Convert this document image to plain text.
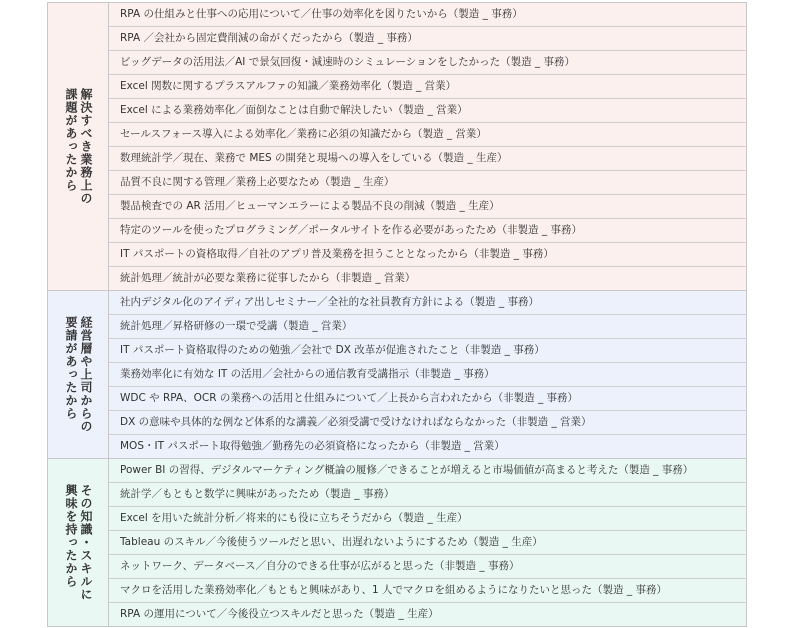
解決すべき業務上の
課題があったから
RPA の仕組みと仕事への応用について／仕事の効率化を図りたいから（製造 _ 事務）
RPA ／会社から固定費削減の命がくだったから（製造 _ 事務）
ビッグデータの活用法／AI で景気回復・減速時のシミュレーションをしたかった（製造 _ 事務）
Excel 関数に関するプラスアルファの知識／業務効率化（製造 _ 営業）
Excel による業務効率化／面倒なことは自動で解決したい（製造 _ 営業）
セールスフォース導入による効率化／業務に必須の知識だから（製造 _ 営業）
数理統計学／現在、業務で MES の開発と現場への導入をしている（製造 _ 生産）
品質不良に関する管理／業務上必要なため（製造 _ 生産）
製品検査での AR 活用／ヒューマンエラーによる製品不良の削減（製造 _ 生産）
特定のツールを使ったプログラミング／ポータルサイトを作る必要があったため（非製造 _ 事務）
IT パスポートの資格取得／自社のアプリ普及業務を担うこととなったから（非製造 _ 事務）
統計処理／統計が必要な業務に従事したから（非製造 _ 営業）
経営層や上司からの
要請があったから
社内デジタル化のアイディア出しセミナー／全社的な社員教育方針による（製造 _ 事務）
統計処理／昇格研修の一環で受講（製造 _ 営業）
IT パスポート資格取得のための勉強／会社で DX 改革が促進されたこと（非製造 _ 事務）
業務効率化に有効な IT の活用／会社からの通信教育受講指示（非製造 _ 事務）
WDC や RPA、OCR の業務への活用と仕組みについて／上長から言われたから（非製造 _ 事務）
DX の意味や具体的な例など体系的な講義／必須受講で受けなければならなかった（非製造 _ 営業）
MOS・IT パスポート取得勉強／勤務先の必須資格になったから（非製造 _ 営業）
その知識・スキルに
興味を持ったから
Power BI の習得、デジタルマーケティング概論の履修／できることが増えると市場価値が高まると考えた（製造 _ 事務）
統計学／もともと数学に興味があったため（製造 _ 事務）
Excel を用いた統計分析／将来的にも役に立ちそうだから（製造 _ 生産）
Tableau のスキル／今後使うツールだと思い、出遅れないようにするため（製造 _ 生産）
ネットワーク、データベース／自分のできる仕事が広がると思った（非製造 _ 事務）
マクロを活用した業務効率化／もともと興味があり、1 人でマクロを組めるようになりたいと思った（製造 _ 事務）
RPA の運用について／今後役立つスキルだと思った（製造 _ 生産）
